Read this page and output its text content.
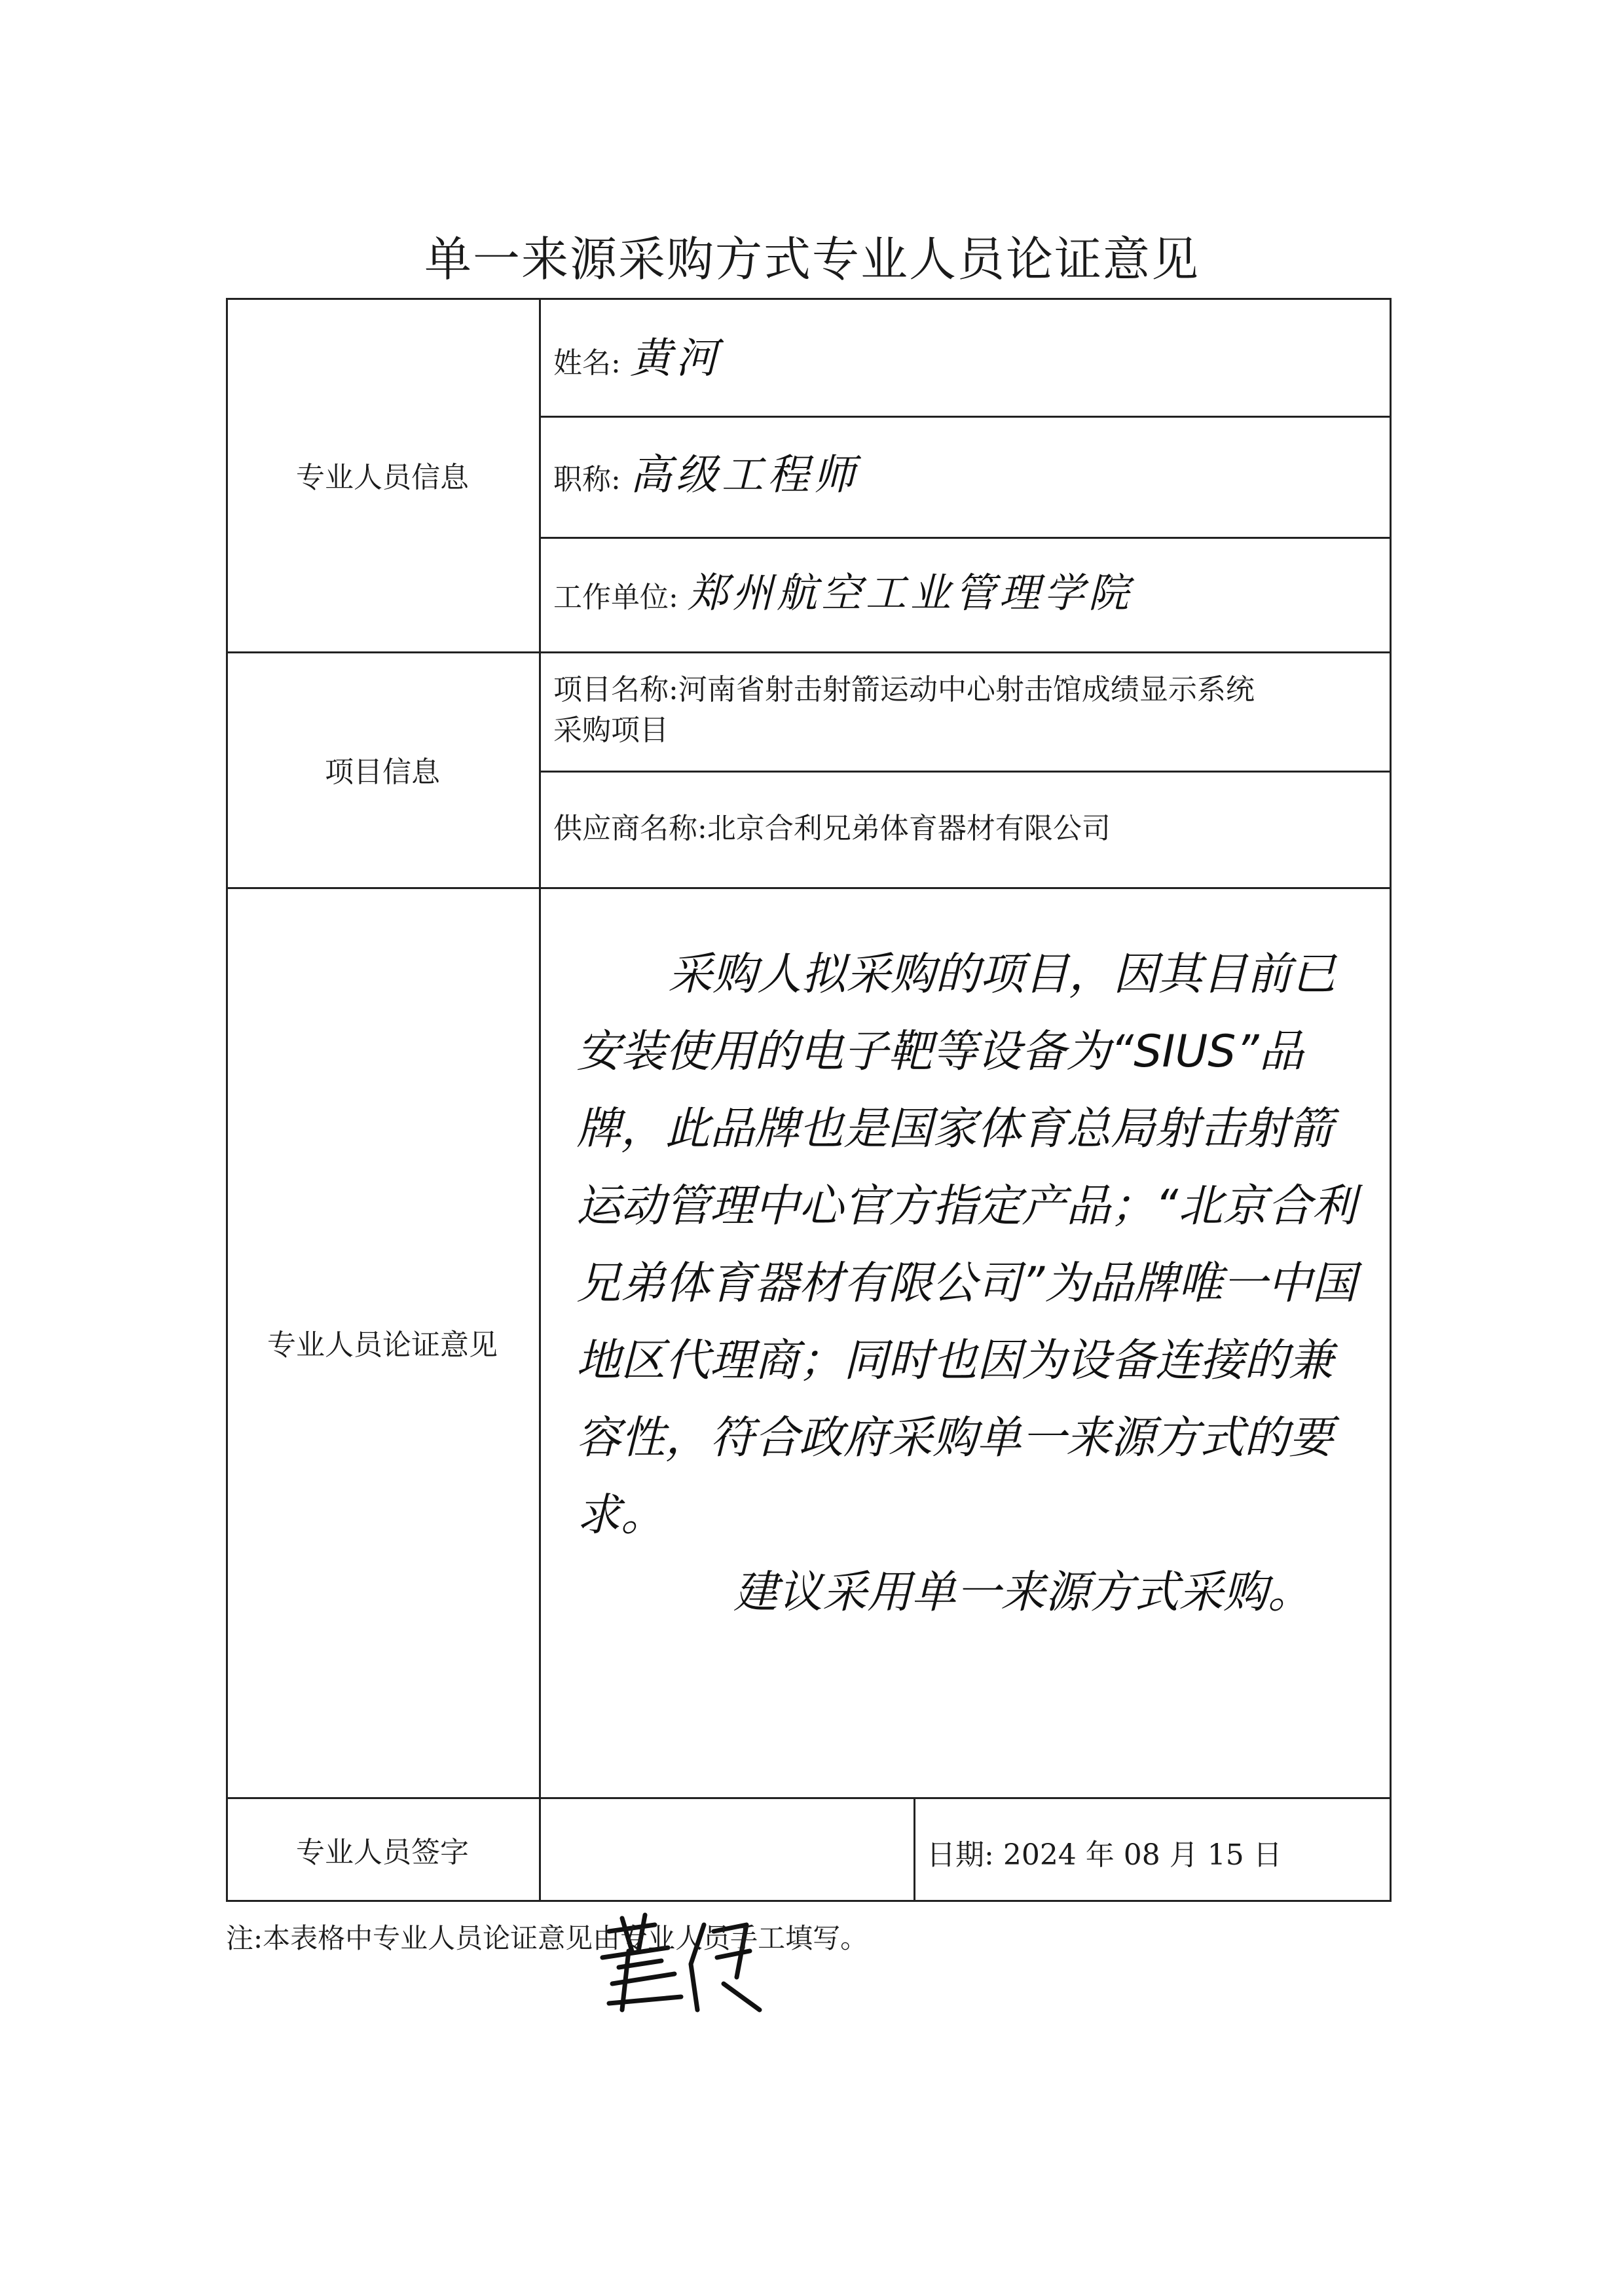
单一来源采购方式专业人员论证意见
专业人员信息
项目信息
专业人员论证意见
专业人员签字
姓名: 黄河
职称: 高级工程师
工作单位: 郑州航空工业管理学院
项目名称:河南省射击射箭运动中心射击馆成绩显示系统
采购项目
供应商名称:北京合利兄弟体育器材有限公司

采购人拟采购的项目，因其目前已安装使用的电子靶等设备为“SIUS”品牌，此品牌也是国家体育总局射击射箭运动管理中心官方指定产品；“北京合利兄弟体育器材有限公司”为品牌唯一中国地区代理商；同时也因为设备连接的兼容性，符合政府采购单一来源方式的要求。

建议采用单一来源方式采购。

日期: 2024 年 08 月 15 日
注:本表格中专业人员论证意见由专业人员手工填写。
